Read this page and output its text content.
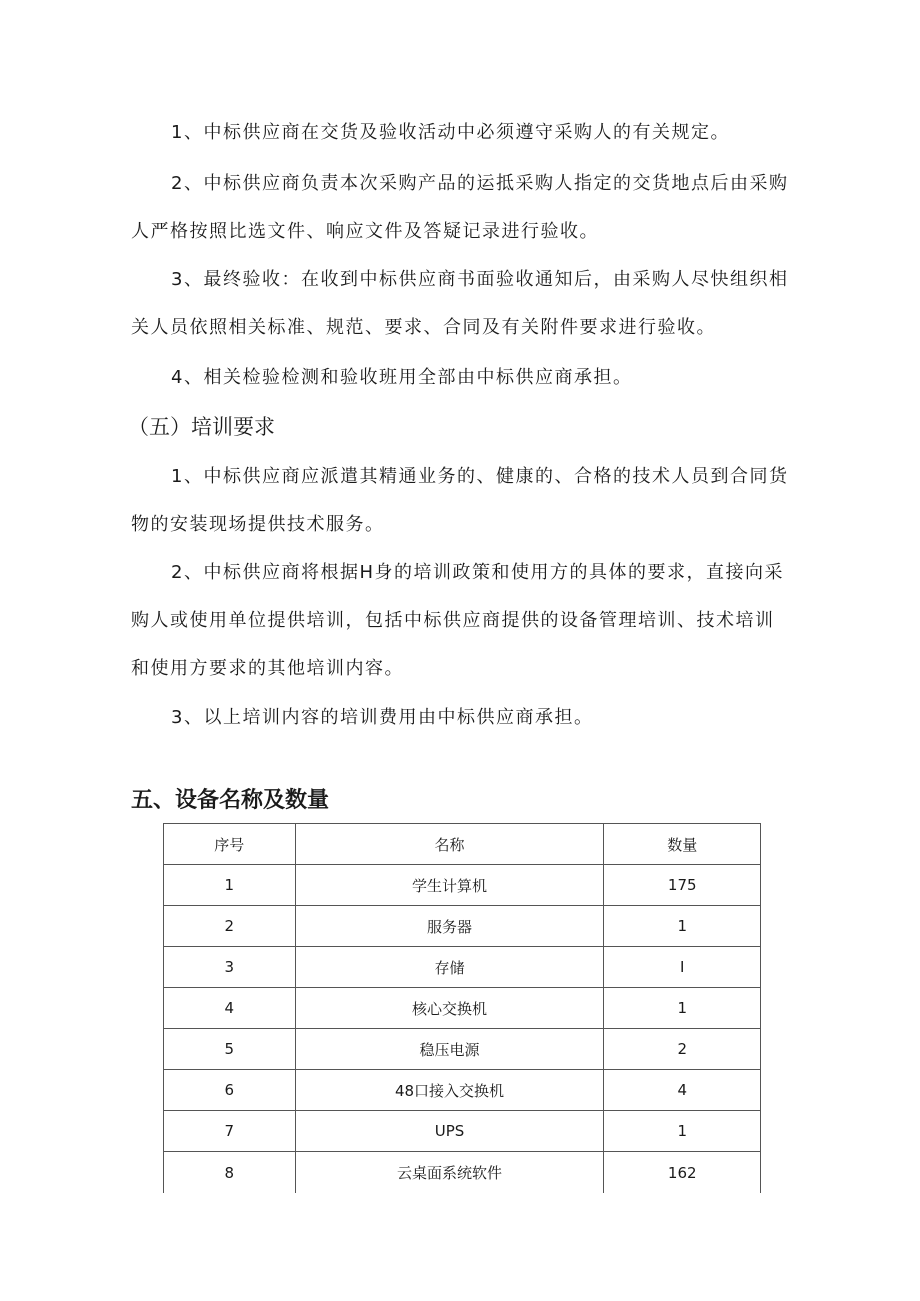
1、中标供应商在交货及验收活动中必须遵守采购人的有关规定。

2、中标供应商负责本次采购产品的运抵采购人指定的交货地点后由采购人严格按照比选文件、响应文件及答疑记录进行验收。

3、最终验收：在收到中标供应商书面验收通知后，由采购人尽快组织相关人员依照相关标准、规范、要求、合同及有关附件要求进行验收。

4、相关检验检测和验收班用全部由中标供应商承担。

（五）培训要求

1、中标供应商应派遣其精通业务的、健康的、合格的技术人员到合同货物的安装现场提供技术服务。

2、中标供应商将根据H身的培训政策和使用方的具体的要求，直接向采购人或使用单位提供培训，包括中标供应商提供的设备管理培训、技术培训和使用方要求的其他培训内容。

3、以上培训内容的培训费用由中标供应商承担。

五、设备名称及数量
序号	名称	数量
1	学生计算机	175
2	服务器	1
3	存储	I
4	核心交换机	1
5	稳压电源	2
6	48口接入交换机	4
7	UPS	1
8	云桌面系统软件	162
